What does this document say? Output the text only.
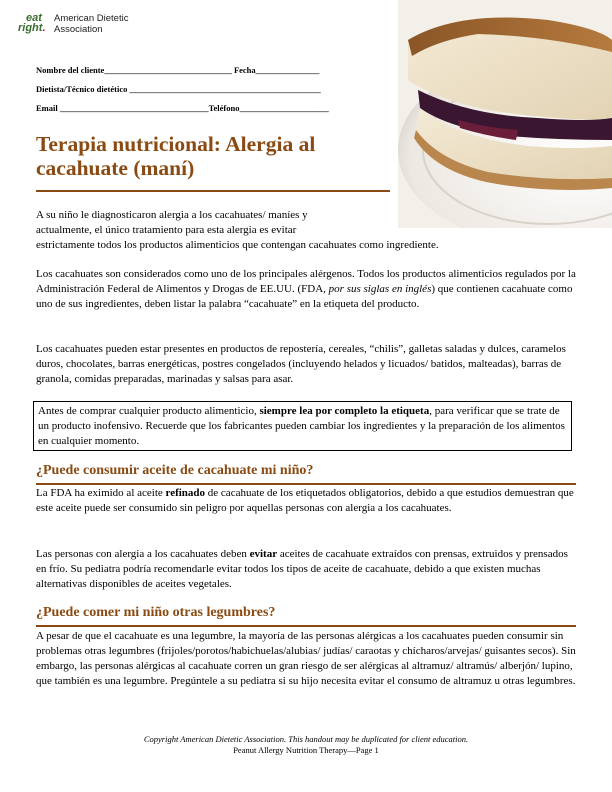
eat
right.
American Dietetic
Association
Nombre del cliente______________________________ Fecha_______________
Dietista/Técnico dietético _____________________________________________
Email ___________________________________Teléfono_____________________
Terapia nutricional: Alergia al cacahuate (maní)

A su niño le diagnosticaron alergia a los cacahuates/ maníes y actualmente, el único tratamiento para esta alergia es evitar
estrictamente todos los productos alimenticios que contengan cacahuates como ingrediente.

Los cacahuates son considerados como uno de los principales alérgenos. Todos los productos alimenticios regulados por la Administración Federal de Alimentos y Drogas de EE.UU. (FDA, por sus siglas en inglés) que contienen cacahuate como uno de sus ingredientes, deben listar la palabra “cacahuate” en la etiqueta del producto.

Los cacahuates pueden estar presentes en productos de repostería, cereales, “chilis”, galletas saladas y dulces, caramelos duros, chocolates, barras energéticas, postres congelados (incluyendo helados y licuados/ batidos, malteadas), barras de granola, comidas preparadas, marinadas y salsas para asar.

Antes de comprar cualquier producto alimenticio, siempre lea por completo la etiqueta, para verificar que se trate de un producto inofensivo. Recuerde que los fabricantes pueden cambiar los ingredientes y la preparación de los alimentos en cualquier momento.
¿Puede consumir aceite de cacahuate mi niño?

La FDA ha eximido al aceite refinado de cacahuate de los etiquetados obligatorios, debido a que estudios demuestran que este aceite puede ser consumido sin peligro por aquellas personas con alergia a los cacahuates.

Las personas con alergia a los cacahuates deben evitar aceites de cacahuate extraídos con prensas, extruidos y prensados en frío. Su pediatra podría recomendarle evitar todos los tipos de aceite de cacahuate, debido a que existen muchas alternativas disponibles de aceites vegetales.

¿Puede comer mi niño otras legumbres?

A pesar de que el cacahuate es una legumbre, la mayoría de las personas alérgicas a los cacahuates pueden consumir sin problemas otras legumbres (frijoles/porotos/habichuelas/alubias/ judías/ caraotas y chícharos/arvejas/ guisantes secos). Sin embargo, las personas alérgicas al cacahuate corren un gran riesgo de ser alérgicas al altramuz/ altramús/ alberjón/ lupino, que también es una legumbre. Pregúntele a su pediatra si su hijo necesita evitar el consumo de altramuz u otras legumbres.

Copyright American Dietetic Association. This handout may be duplicated for client education.
Peanut Allergy Nutrition Therapy—Page 1
